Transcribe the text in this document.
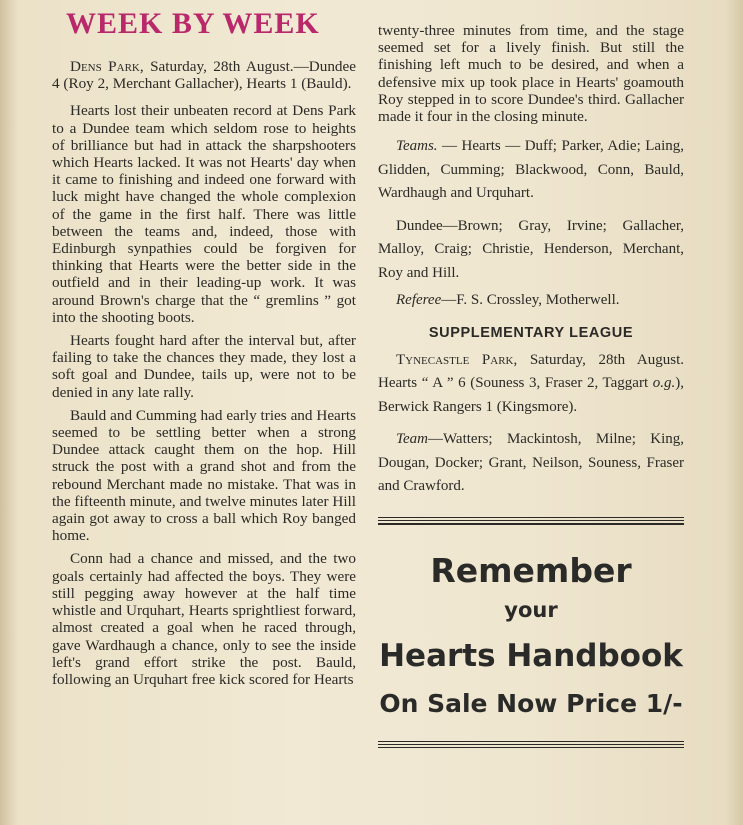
WEEK BY WEEK

Dens Park, Saturday, 28th August.—Dundee 4 (Roy 2, Merchant Gallacher), Hearts 1 (Bauld).

Hearts lost their unbeaten record at Dens Park to a Dundee team which seldom rose to heights of brilliance but had in attack the sharpshooters which Hearts lacked. It was not Hearts' day when it came to finishing and indeed one forward with luck might have changed the whole complexion of the game in the first half. There was little between the teams and, indeed, those with Edinburgh synpathies could be forgiven for thinking that Hearts were the better side in the outfield and in their leading-up work. It was around Brown's charge that the “ gremlins ” got into the shooting boots.

Hearts fought hard after the interval but, after failing to take the chances they made, they lost a soft goal and Dundee, tails up, were not to be denied in any late rally.

Bauld and Cumming had early tries and Hearts seemed to be settling better when a strong Dundee attack caught them on the hop. Hill struck the post with a grand shot and from the rebound Merchant made no mistake. That was in the fifteenth minute, and twelve minutes later Hill again got away to cross a ball which Roy banged home.

Conn had a chance and missed, and the two goals certainly had affected the boys. They were still pegging away however at the half time whistle and Urquhart, Hearts sprightliest forward, almost created a goal when he raced through, gave Wardhaugh a chance, only to see the inside left's grand effort strike the post. Bauld, following an Urquhart free kick scored for Hearts

twenty-three minutes from time, and the stage seemed set for a lively finish. But still the finishing left much to be desired, and when a defensive mix up took place in Hearts' goamouth Roy stepped in to score Dundee's third. Gallacher made it four in the closing minute.

Teams. — Hearts — Duff; Parker, Adie; Laing, Glidden, Cumming; Blackwood, Conn, Bauld, Wardhaugh and Urquhart.

Dundee—Brown; Gray, Irvine; Gallacher, Malloy, Craig; Christie, Henderson, Merchant, Roy and Hill.

Referee—F. S. Crossley, Motherwell.

SUPPLEMENTARY LEAGUE

Tynecastle Park, Saturday, 28th August. Hearts “ A ” 6 (Souness 3, Fraser 2, Taggart o.g.), Berwick Rangers 1 (Kingsmore).

Team—Watters; Mackintosh, Milne; King, Dougan, Docker; Grant, Neilson, Souness, Fraser and Crawford.

Remember
your
Hearts Handbook
On Sale Now Price 1/-
